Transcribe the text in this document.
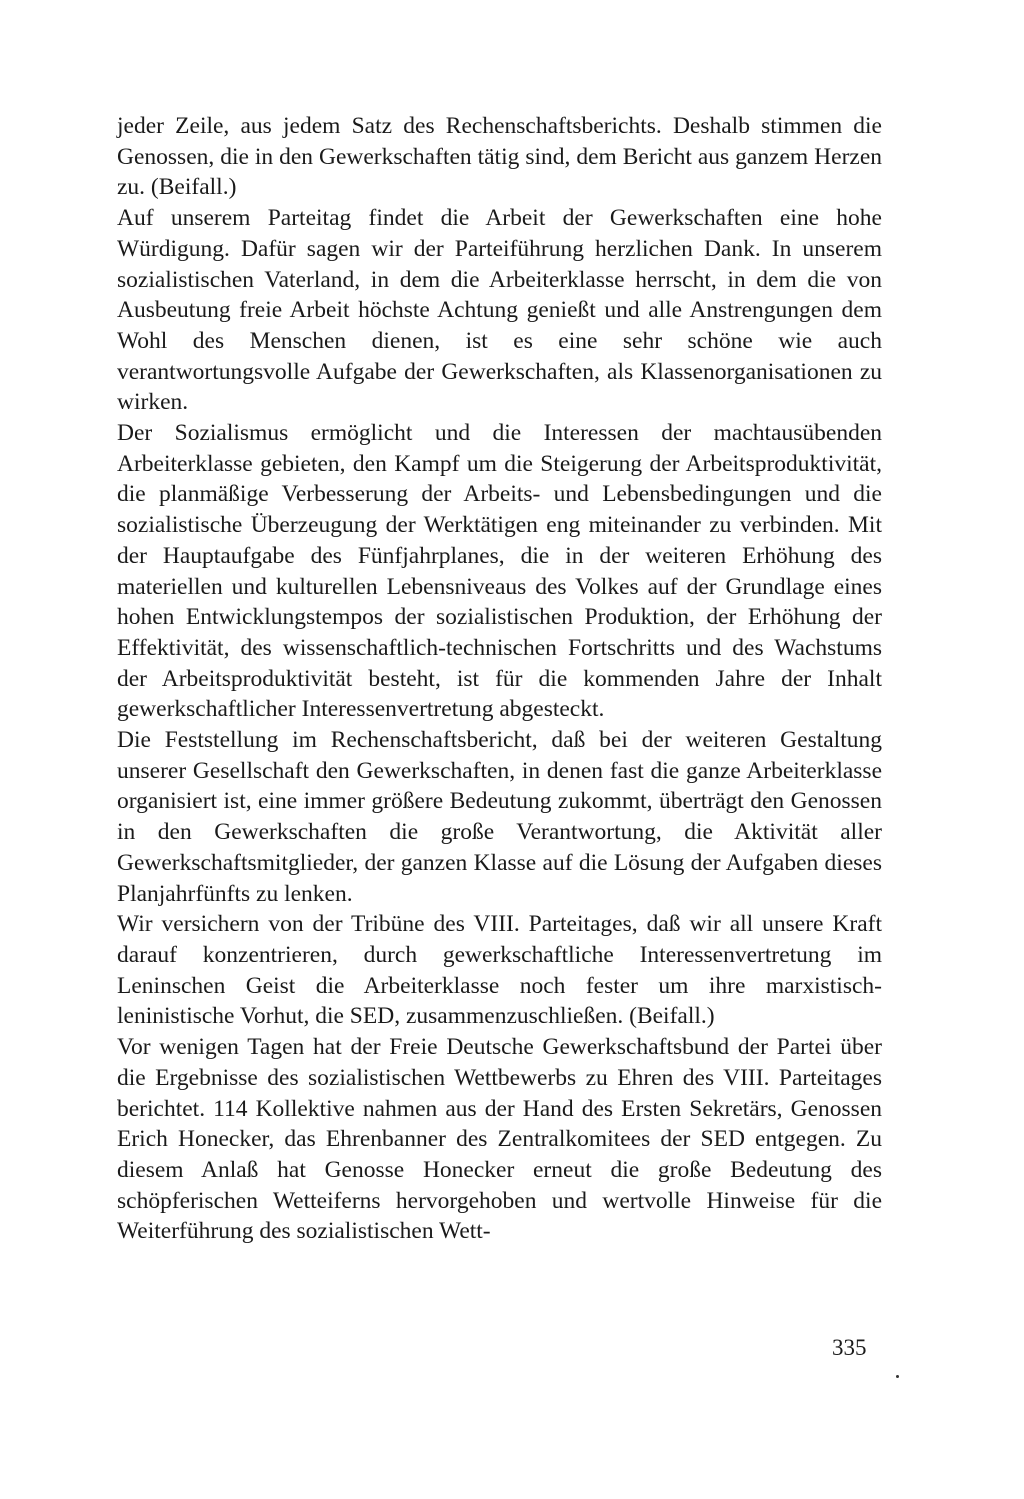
jeder Zeile, aus jedem Satz des Rechenschaftsberichts. Deshalb stimmen die Genossen, die in den Gewerkschaften tätig sind, dem Bericht aus ganzem Herzen zu. (Beifall.)

Auf unserem Parteitag findet die Arbeit der Gewerkschaften eine hohe Würdigung. Dafür sagen wir der Parteiführung herzlichen Dank. In unserem sozialistischen Vaterland, in dem die Arbeiterklasse herrscht, in dem die von Ausbeutung freie Arbeit höchste Achtung genießt und alle Anstrengungen dem Wohl des Menschen dienen, ist es eine sehr schöne wie auch verantwortungsvolle Aufgabe der Gewerkschaften, als Klassenorganisationen zu wirken.

Der Sozialismus ermöglicht und die Interessen der machtausübenden Arbeiterklasse gebieten, den Kampf um die Steigerung der Arbeitsproduktivität, die planmäßige Verbesserung der Arbeits- und Lebensbedingungen und die sozialistische Überzeugung der Werktätigen eng miteinander zu verbinden. Mit der Hauptaufgabe des Fünfjahrplanes, die in der weiteren Erhöhung des materiellen und kulturellen Lebensniveaus des Volkes auf der Grundlage eines hohen Entwicklungstempos der sozialistischen Produktion, der Erhöhung der Effektivität, des wissenschaftlich-technischen Fortschritts und des Wachstums der Arbeitsproduktivität besteht, ist für die kommenden Jahre der Inhalt gewerkschaftlicher Interessenvertretung abgesteckt.

Die Feststellung im Rechenschaftsbericht, daß bei der weiteren Gestaltung unserer Gesellschaft den Gewerkschaften, in denen fast die ganze Arbeiterklasse organisiert ist, eine immer größere Bedeutung zukommt, überträgt den Genossen in den Gewerkschaften die große Verantwortung, die Aktivität aller Gewerkschaftsmitglieder, der ganzen Klasse auf die Lösung der Aufgaben dieses Planjahrfünfts zu lenken.

Wir versichern von der Tribüne des VIII. Parteitages, daß wir all unsere Kraft darauf konzentrieren, durch gewerkschaftliche Interessenvertretung im Leninschen Geist die Arbeiterklasse noch fester um ihre marxistisch-leninistische Vorhut, die SED, zusammenzuschließen. (Beifall.)

Vor wenigen Tagen hat der Freie Deutsche Gewerkschaftsbund der Partei über die Ergebnisse des sozialistischen Wettbewerbs zu Ehren des VIII. Parteitages berichtet. 114 Kollektive nahmen aus der Hand des Ersten Sekretärs, Genossen Erich Honecker, das Ehrenbanner des Zentralkomitees der SED entgegen. Zu diesem Anlaß hat Genosse Honecker erneut die große Bedeutung des schöpferischen Wetteiferns hervorgehoben und wertvolle Hinweise für die Weiterführung des sozialistischen Wett-

335
